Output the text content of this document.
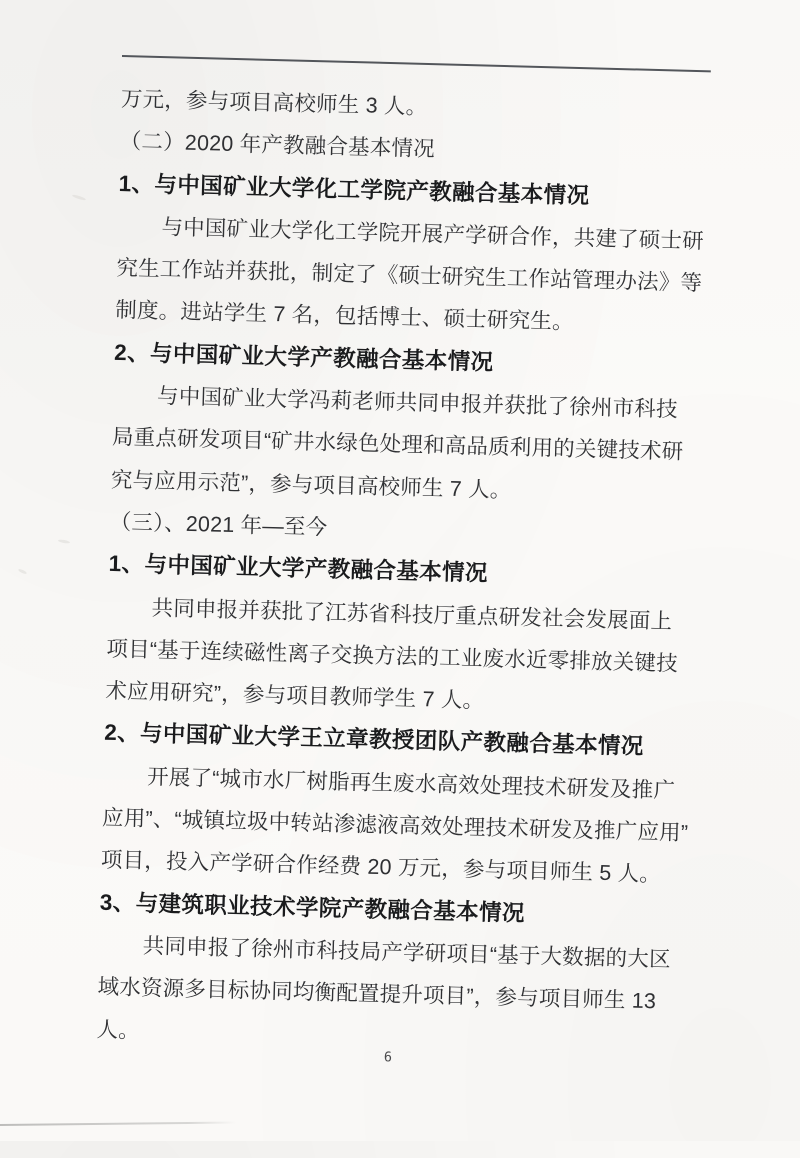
万元，参与项目高校师生 3 人。
（二）2020 年产教融合基本情况
1、与中国矿业大学化工学院产教融合基本情况
与中国矿业大学化工学院开展产学研合作，共建了硕士研
究生工作站并获批，制定了《硕士研究生工作站管理办法》等
制度。进站学生 7 名，包括博士、硕士研究生。
2、与中国矿业大学产教融合基本情况
与中国矿业大学冯莉老师共同申报并获批了徐州市科技
局重点研发项目“矿井水绿色处理和高品质利用的关键技术研
究与应用示范”，参与项目高校师生 7 人。
（三）、2021 年—至今
1、与中国矿业大学产教融合基本情况
共同申报并获批了江苏省科技厅重点研发社会发展面上
项目“基于连续磁性离子交换方法的工业废水近零排放关键技
术应用研究”，参与项目教师学生 7 人。
2、与中国矿业大学王立章教授团队产教融合基本情况
开展了“城市水厂树脂再生废水高效处理技术研发及推广
应用”、“城镇垃圾中转站渗滤液高效处理技术研发及推广应用”
项目，投入产学研合作经费 20 万元，参与项目师生 5 人。
3、与建筑职业技术学院产教融合基本情况
共同申报了徐州市科技局产学研项目“基于大数据的大区
域水资源多目标协同均衡配置提升项目”，参与项目师生 13
人。
6
